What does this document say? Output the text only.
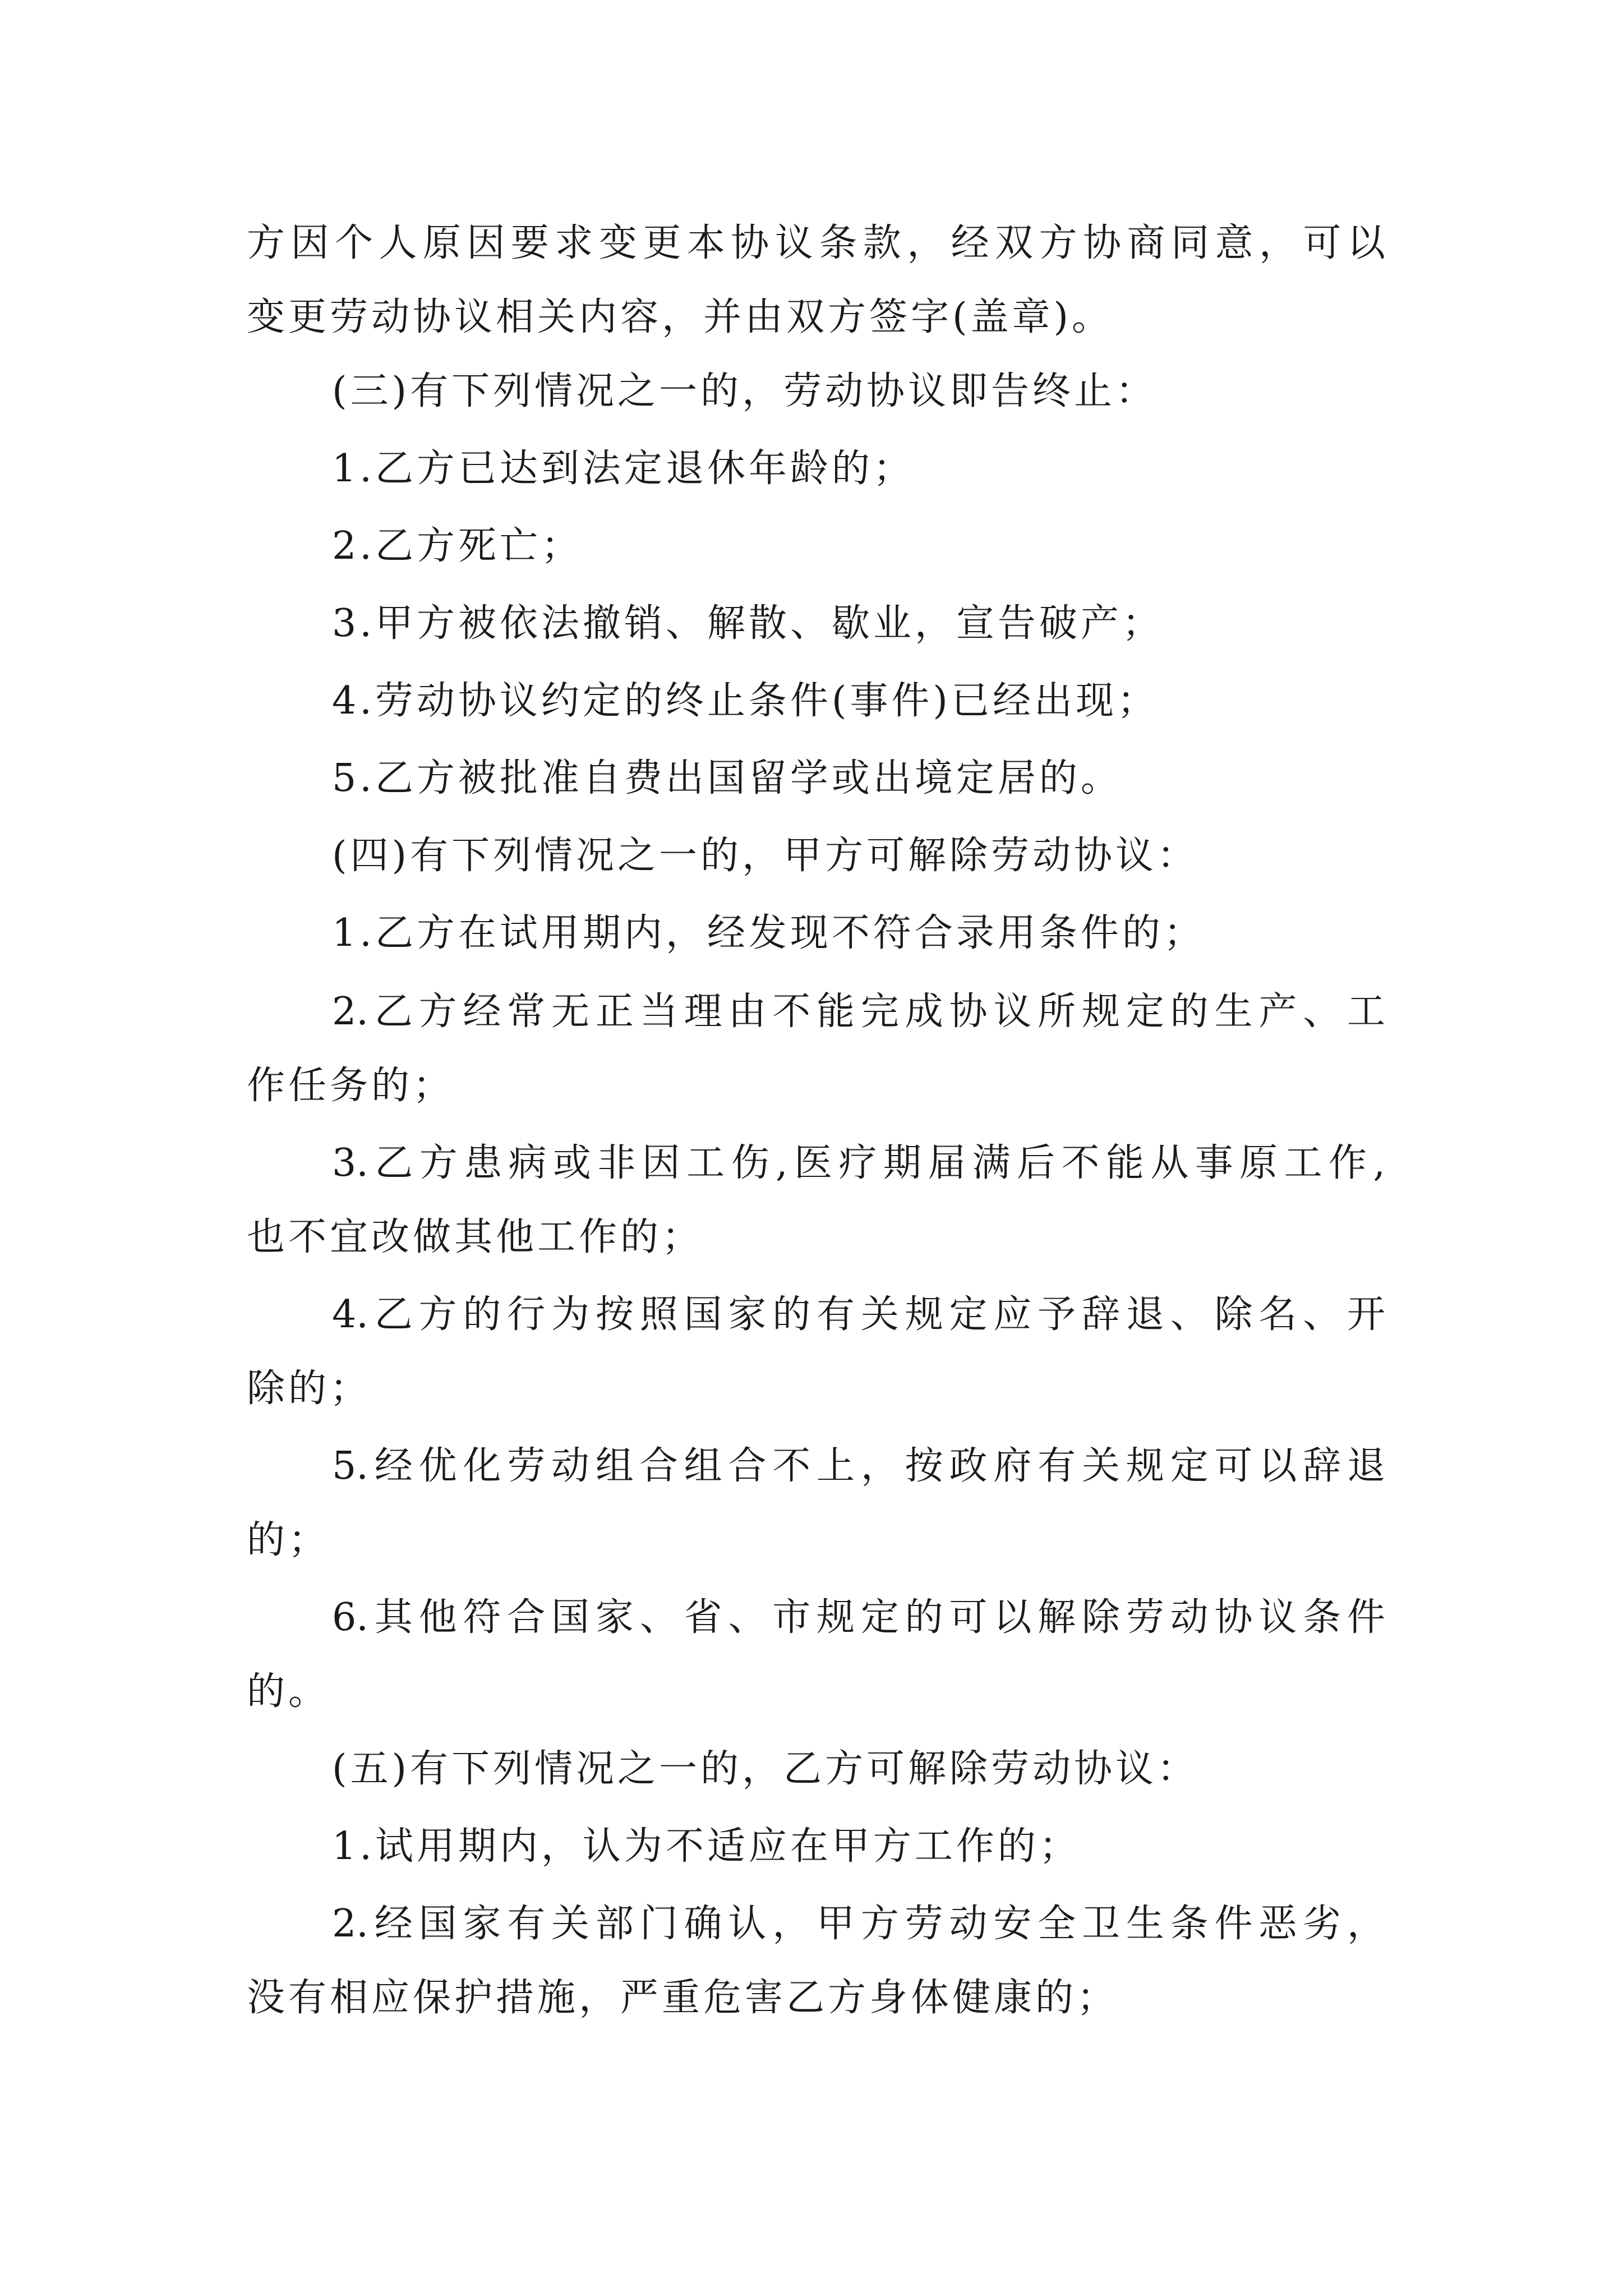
方因个人原因要求变更本协议条款，经双方协商同意，可以
变更劳动协议相关内容，并由双方签字(盖章)。
(三)有下列情况之一的，劳动协议即告终止：
1.乙方已达到法定退休年龄的；
2.乙方死亡；
3.甲方被依法撤销、解散、歇业，宣告破产；
4.劳动协议约定的终止条件(事件)已经出现；
5.乙方被批准自费出国留学或出境定居的。
(四)有下列情况之一的，甲方可解除劳动协议：
1.乙方在试用期内，经发现不符合录用条件的；
2.乙方经常无正当理由不能完成协议所规定的生产、工
作任务的；
3.乙方患病或非因工伤,医疗期届满后不能从事原工作,
也不宜改做其他工作的；
4.乙方的行为按照国家的有关规定应予辞退、除名、开
除的；
5.经优化劳动组合组合不上，按政府有关规定可以辞退
的；
6.其他符合国家、省、市规定的可以解除劳动协议条件
的。
(五)有下列情况之一的，乙方可解除劳动协议：
1.试用期内，认为不适应在甲方工作的；
2.经国家有关部门确认，甲方劳动安全卫生条件恶劣，
没有相应保护措施，严重危害乙方身体健康的；
